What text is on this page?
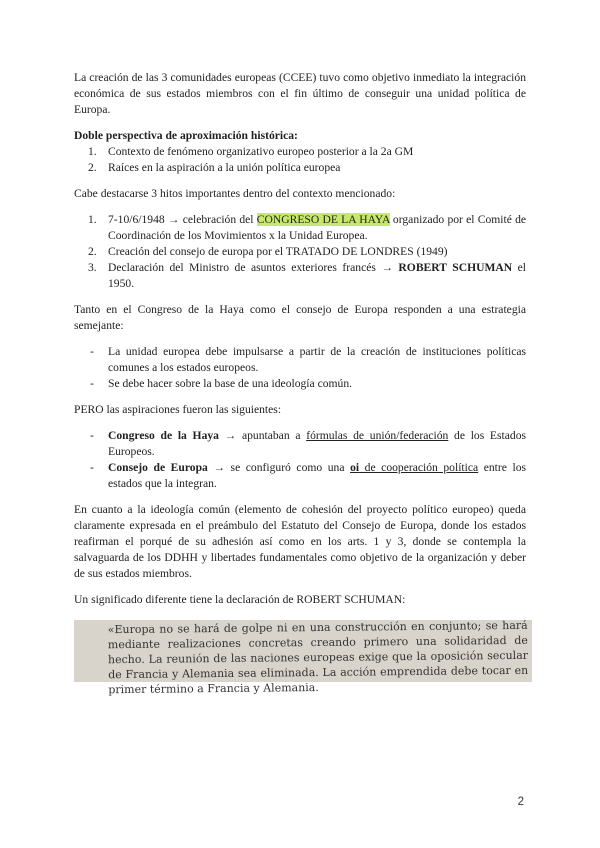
La creación de las 3 comunidades europeas (CCEE) tuvo como objetivo inmediato la integración económica de sus estados miembros con el fin último de conseguir una unidad política de Europa.

Doble perspectiva de aproximación histórica:
1. Contexto de fenómeno organizativo europeo posterior a la 2a GM
2. Raíces en la aspiración a la unión política europea

Cabe destacarse 3 hitos importantes dentro del contexto mencionado:

1. 7-10/6/1948 → celebración del CONGRESO DE LA HAYA organizado por el Comité de Coordinación de los Movimientos x la Unidad Europea.
2. Creación del consejo de europa por el TRATADO DE LONDRES (1949)
3. Declaración del Ministro de asuntos exteriores francés → ROBERT SCHUMAN el 1950.

Tanto en el Congreso de la Haya como el consejo de Europa responden a una estrategia semejante:

- La unidad europea debe impulsarse a partir de la creación de instituciones políticas comunes a los estados europeos.
- Se debe hacer sobre la base de una ideología común.

PERO las aspiraciones fueron las siguientes:

- Congreso de la Haya → apuntaban a fórmulas de unión/federación de los Estados Europeos.
- Consejo de Europa → se configuró como una oi de cooperación política entre los estados que la integran.

En cuanto a la ideología común (elemento de cohesión del proyecto político europeo) queda claramente expresada en el preámbulo del Estatuto del Consejo de Europa, donde los estados reafirman el porqué de su adhesión así como en los arts. 1 y 3, donde se contempla la salvaguarda de los DDHH y libertades fundamentales como objetivo de la organización y deber de sus estados miembros.

Un significado diferente tiene la declaración de ROBERT SCHUMAN:

«Europa no se hará de golpe ni en una construcción en conjunto; se hará mediante realizaciones concretas creando primero una solidaridad de hecho. La reunión de las naciones europeas exige que la oposición secular de Francia y Alemania sea eliminada. La acción emprendida debe tocar en primer término a Francia y Alemania.
2
